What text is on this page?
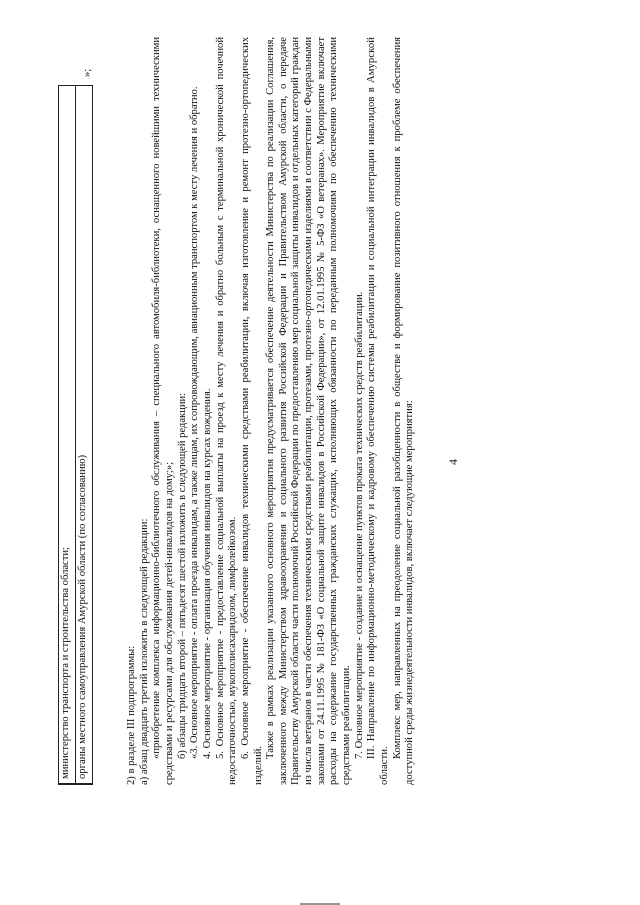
4
	министерство транспорта и строительства области;
	органы местного самоуправления Амурской области (по согласованию)
»;

2) в разделе III подпрограммы: а) абзац двадцать третий изложить в следующей редакции: «приобретение комплекса информационно-библиотечного обслуживания – специального автомобиля-библиотеки, оснащенного новейшими техническими средствами и ресурсами для обслуживания детей-инвалидов на дому;»; б) абзацы тридцать второй – пятьдесят шестой изложить в следующей редакции: «3. Основное мероприятие - оплата проезда инвалидам, а также лицам, их сопровождающим, авиационным транспортом к месту лечения и обратно. 4. Основное мероприятие - организация обучения инвалидов на курсах вождения. 5. Основное мероприятие - предоставление социальной выплаты на проезд к месту лечения и обратно больным с терминальной хронической почечной недостаточностью, мукополисахаридозом, лимфолейкозом. 6. Основное мероприятие - обеспечение инвалидов техническими средствами реабилитации, включая изготовление и ремонт протезно-ортопедических изделий.

Также в рамках реализации указанного основного мероприятия предусматривается обеспечение деятельности Министерства по реализации Соглашения, заключенного между Министерством здравоохранения и социального развития Российской Федерации и Правительством Амурской области, о передаче Правительству Амурской области части полномочий Российской Федерации по предоставлению мер социальной защиты инвалидов и отдельных категорий граждан из числа ветеранов в части обеспечения техническими средствами реабилитации, протезами, протезно-ортопедическими изделиями в соответствии с Федеральными законами от 24.11.1995 № 181-ФЗ «О социальной защите инвалидов в Российской Федерации», от 12.01.1995 № 5-ФЗ «О ветеранах». Мероприятие включает расходы на содержание государственных гражданских служащих, исполняющих обязанности по переданным полномочиям по обеспечению техническими средствами реабилитации. 7. Основное мероприятие - создание и оснащение пунктов проката технических средств реабилитации. III. Направление по информационно-методическому и кадровому обеспечению системы реабилитации и социальной интеграции инвалидов в Амурской области.

Комплекс мер, направленных на преодоление социальной разобщенности в обществе и формирование позитивного отношения к проблеме обеспечения доступной среды жизнедеятельности инвалидов, включает следующие мероприятия:
